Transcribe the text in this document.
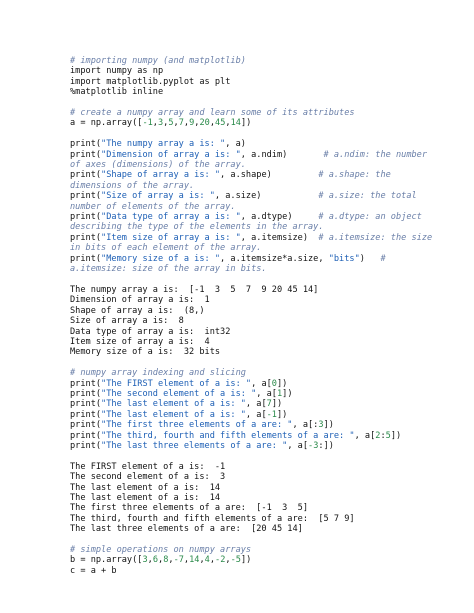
# importing numpy (and matplotlib)
import numpy as np
import matplotlib.pyplot as plt
%matplotlib inline
# create a numpy array and learn some of its attributes
a = np.array([-1,3,5,7,9,20,45,14])
print("The numpy array a is: ", a)
print("Dimension of array a is: ", a.ndim)       # a.ndim: the number
of axes (dimensions) of the array.
print("Shape of array a is: ", a.shape)         # a.shape: the
dimensions of the array.
print("Size of array a is: ", a.size)           # a.size: the total
number of elements of the array.
print("Data type of array a is: ", a.dtype)     # a.dtype: an object
describing the type of the elements in the array.
print("Item size of array a is: ", a.itemsize)  # a.itemsize: the size
in bits of each element of the array.
print("Memory size of a is: ", a.itemsize*a.size, "bits")   #
a.itemsize: size of the array in bits.
The numpy array a is:  [-1  3  5  7  9 20 45 14]
Dimension of array a is:  1
Shape of array a is:  (8,)
Size of array a is:  8
Data type of array a is:  int32
Item size of array a is:  4
Memory size of a is:  32 bits
# numpy array indexing and slicing
print("The FIRST element of a is: ", a[0])
print("The second element of a is: ", a[1])
print("The last element of a is: ", a[7])
print("The last element of a is: ", a[-1])
print("The first three elements of a are: ", a[:3])
print("The third, fourth and fifth elements of a are: ", a[2:5])
print("The last three elements of a are: ", a[-3:])
The FIRST element of a is:  -1
The second element of a is:  3
The last element of a is:  14
The last element of a is:  14
The first three elements of a are:  [-1  3  5]
The third, fourth and fifth elements of a are:  [5 7 9]
The last three elements of a are:  [20 45 14]
# simple operations on numpy arrays
b = np.array([3,6,8,-7,14,4,-2,-5])
c = a + b
